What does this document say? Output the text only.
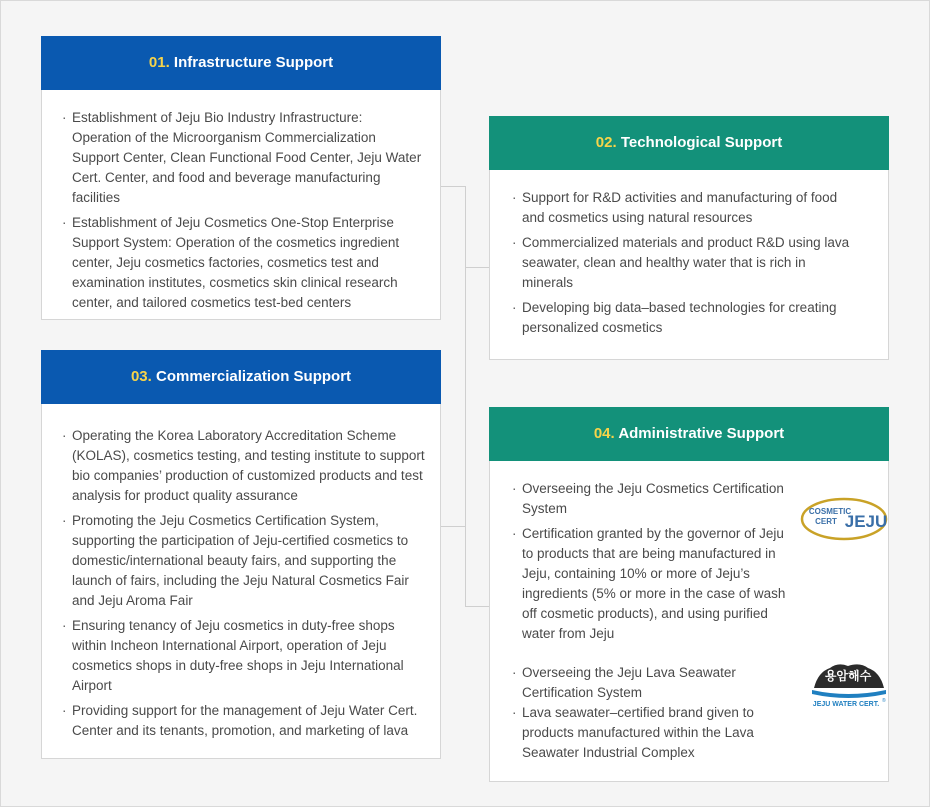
01. Infrastructure Support
· Establishment of Jeju Bio Industry Infrastructure: Operation of the Microorganism Commercialization Support Center, Clean Functional Food Center, Jeju Water Cert. Center, and food and beverage manufacturing facilities
· Establishment of Jeju Cosmetics One-Stop Enterprise Support System: Operation of the cosmetics ingredient center, Jeju cosmetics factories, cosmetics test and examination institutes, cosmetics skin clinical research center, and tailored cosmetics test-bed centers
02. Technological Support
· Support for R&D activities and manufacturing of food and cosmetics using natural resources
· Commercialized materials and product R&D using lava seawater, clean and healthy water that is rich in minerals
· Developing big data–based technologies for creating personalized cosmetics
03. Commercialization Support
· Operating the Korea Laboratory Accreditation Scheme (KOLAS), cosmetics testing, and testing institute to support bio companies’ production of customized products and test analysis for product quality assurance
· Promoting the Jeju Cosmetics Certification System, supporting the participation of Jeju-certified cosmetics to domestic/international beauty fairs, and supporting the launch of fairs, including the Jeju Natural Cosmetics Fair and Jeju Aroma Fair
· Ensuring tenancy of Jeju cosmetics in duty-free shops within Incheon International Airport, operation of Jeju cosmetics shops in duty-free shops in Jeju International Airport
· Providing support for the management of Jeju Water Cert. Center and its tenants, promotion, and marketing of lava
04. Administrative Support
· Overseeing the Jeju Cosmetics Certification System
· Certification granted by the governor of Jeju to products that are being manufactured in Jeju, containing 10% or more of Jeju’s ingredients (5% or more in the case of wash off cosmetic products), and using purified water from Jeju
· Overseeing the Jeju Lava Seawater Certification System
· Lava seawater–certified brand given to products manufactured within the Lava Seawater Industrial Complex
COSMETIC
CERT JEJU
용암해수
JEJU WATER CERT. ®
